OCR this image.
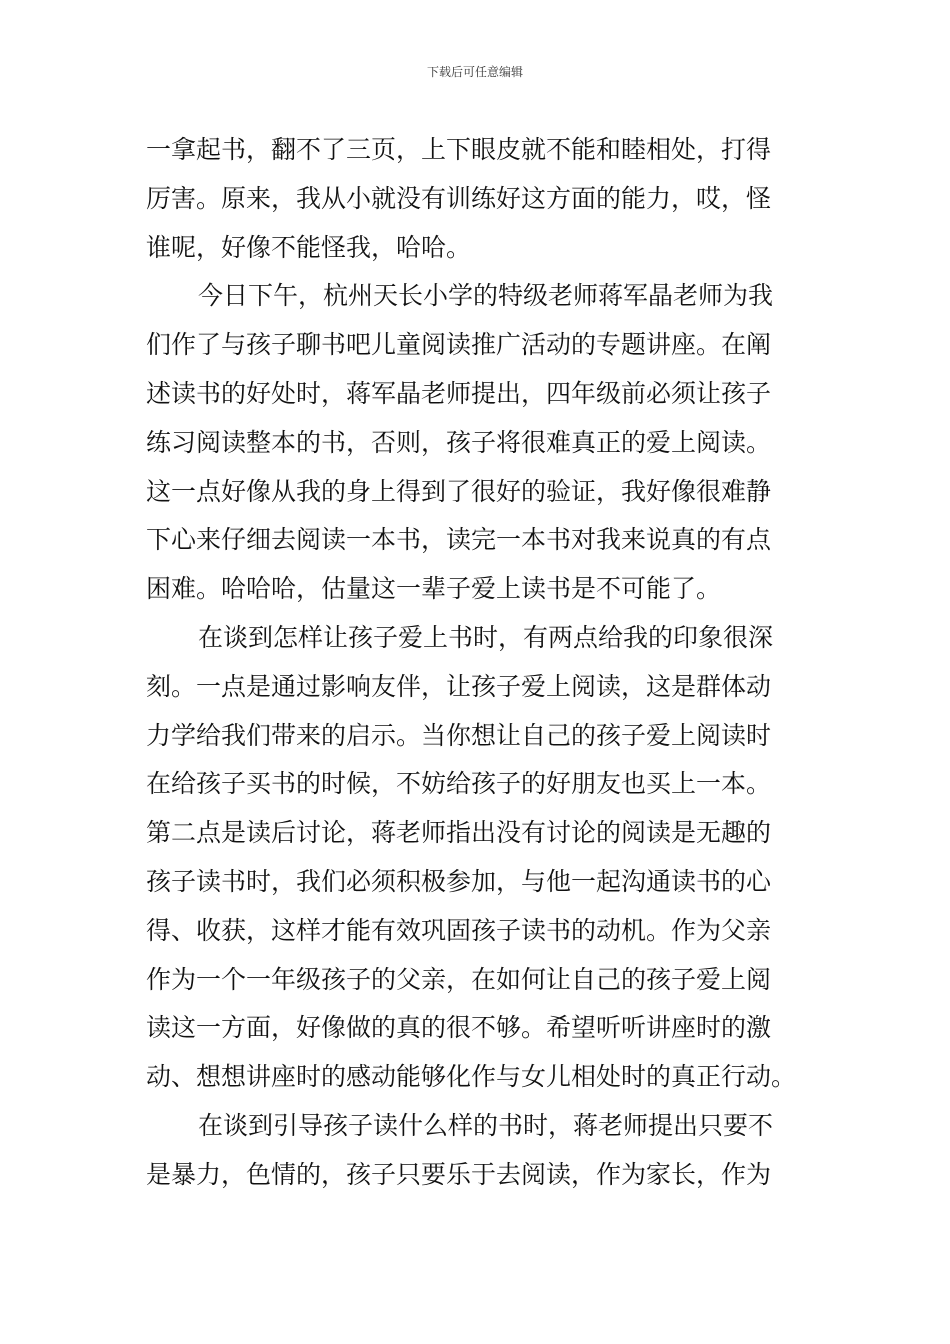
下载后可任意编辑
一拿起书，翻不了三页，上下眼皮就不能和睦相处，打得
厉害。原来，我从小就没有训练好这方面的能力，哎，怪
谁呢，好像不能怪我，哈哈。
今日下午，杭州天长小学的特级老师蒋军晶老师为我
们作了与孩子聊书吧儿童阅读推广活动的专题讲座。在阐
述读书的好处时，蒋军晶老师提出，四年级前必须让孩子
练习阅读整本的书，否则，孩子将很难真正的爱上阅读。
这一点好像从我的身上得到了很好的验证，我好像很难静
下心来仔细去阅读一本书，读完一本书对我来说真的有点
困难。哈哈哈，估量这一辈子爱上读书是不可能了。
在谈到怎样让孩子爱上书时，有两点给我的印象很深
刻。一点是通过影响友伴，让孩子爱上阅读，这是群体动
力学给我们带来的启示。当你想让自己的孩子爱上阅读时
在给孩子买书的时候，不妨给孩子的好朋友也买上一本。
第二点是读后讨论，蒋老师指出没有讨论的阅读是无趣的
孩子读书时，我们必须积极参加，与他一起沟通读书的心
得、收获，这样才能有效巩固孩子读书的动机。作为父亲
作为一个一年级孩子的父亲，在如何让自己的孩子爱上阅
读这一方面，好像做的真的很不够。希望听听讲座时的激
动、想想讲座时的感动能够化作与女儿相处时的真正行动。
在谈到引导孩子读什么样的书时，蒋老师提出只要不
是暴力，色情的，孩子只要乐于去阅读，作为家长，作为
